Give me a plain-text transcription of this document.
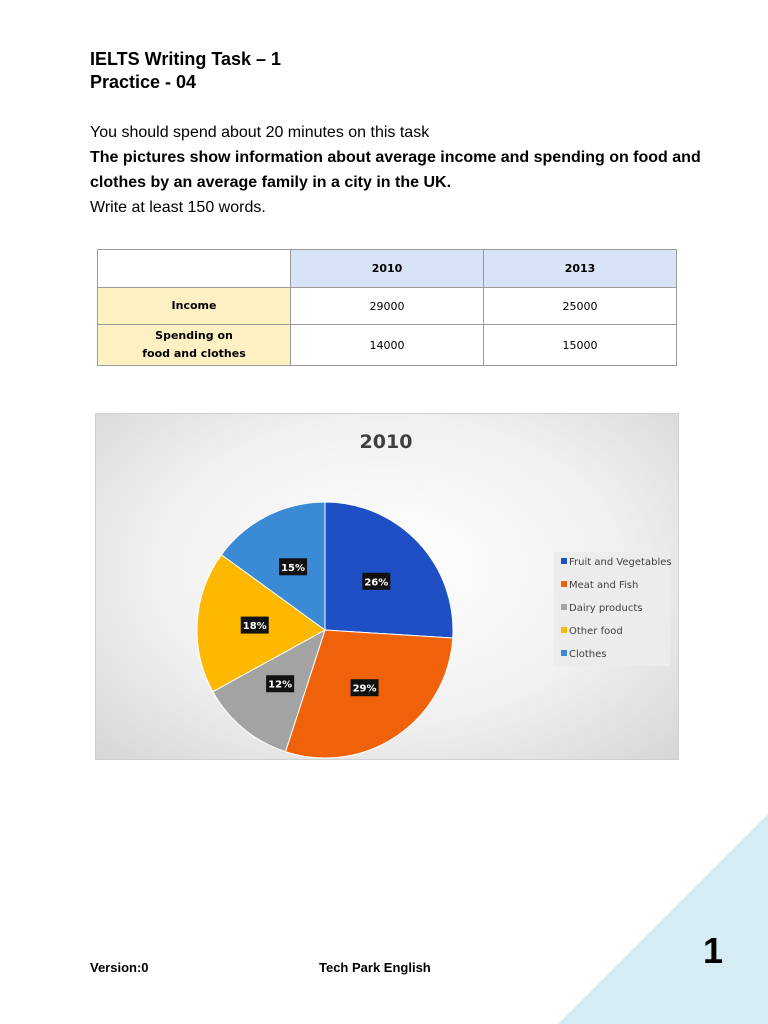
IELTS Writing Task – 1
Practice - 04

You should spend about 20 minutes on this task

The pictures show information about average income and spending on food and clothes by an average family in a city in the UK.

Write at least 150 words.

	2010	2013
Income	29000	25000
Spending on
food and clothes	14000	15000
2010
26%
29%
12%
18%
15%
Fruit and Vegetables
Meat and Fish
Dairy products
Other food
Clothes
Version:0	Tech Park English	1
